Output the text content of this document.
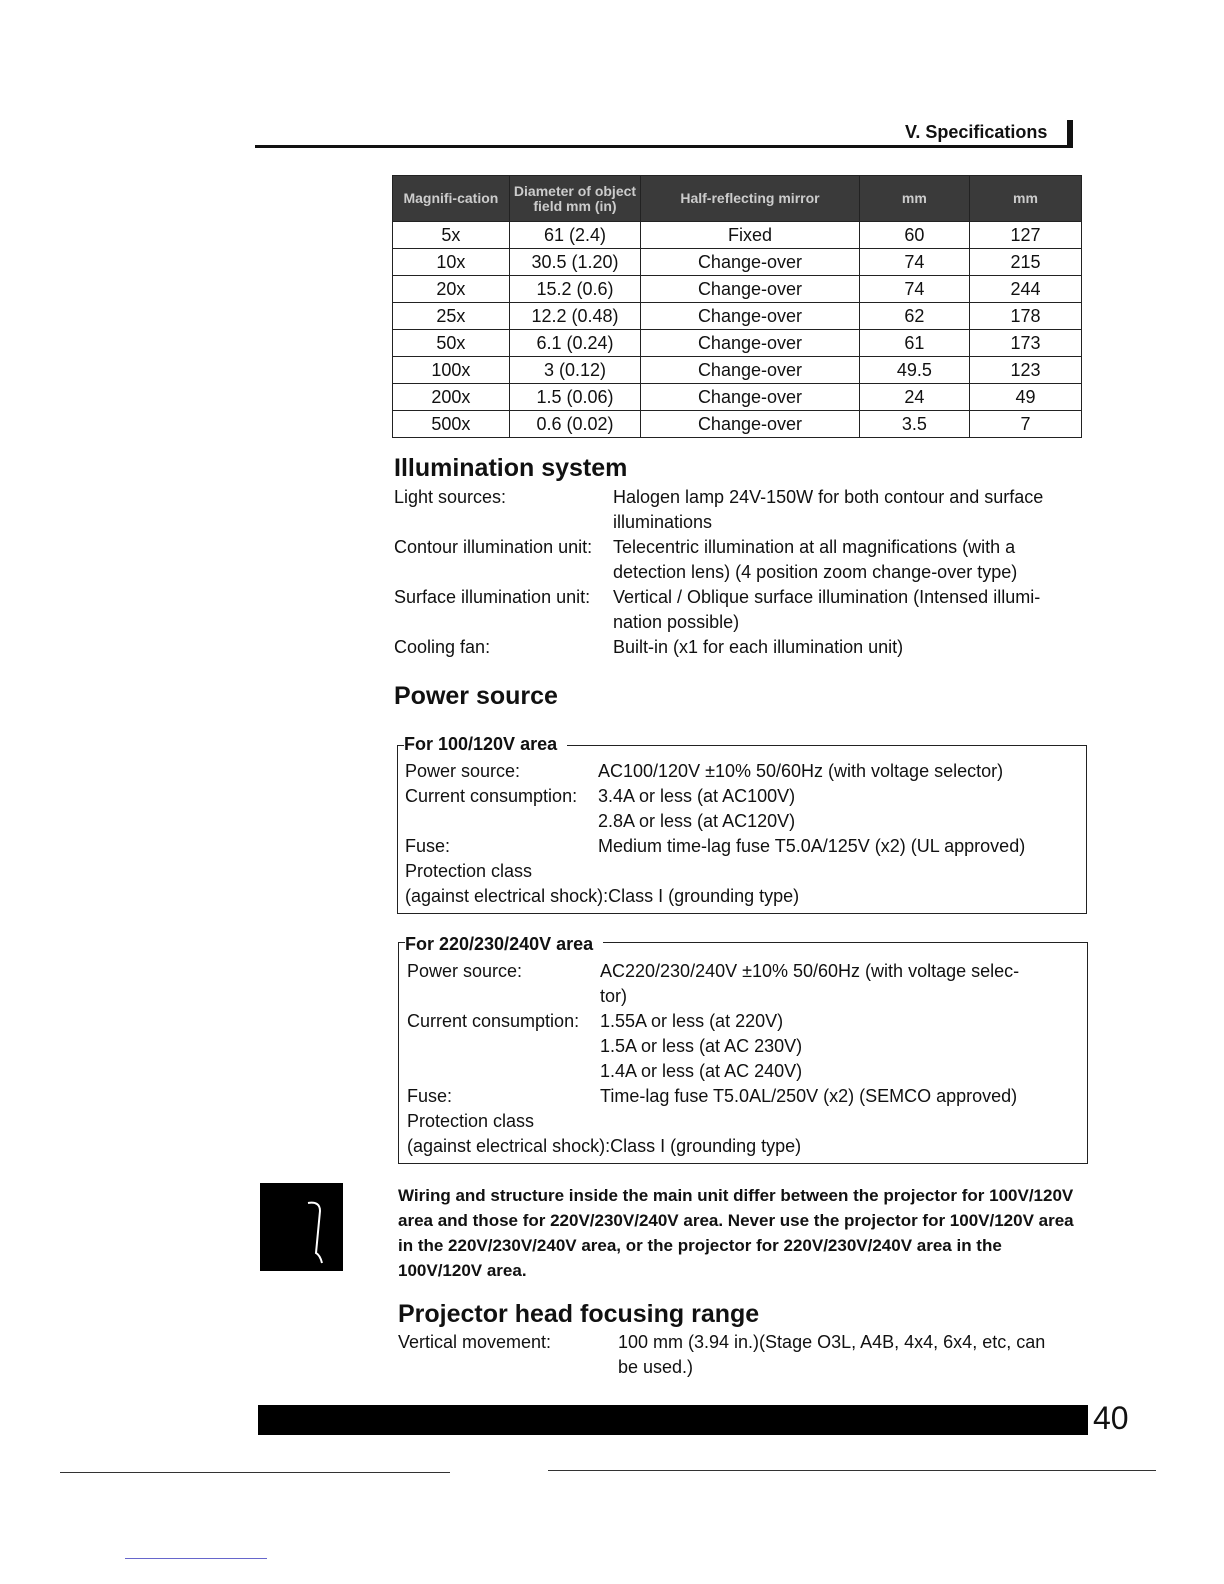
V. Specifications
Magnifi-cation	Diameter of object field mm (in)	Half-reflecting mirror	mm	mm
5x	61 (2.4)	Fixed	60	127
10x	30.5 (1.20)	Change-over	74	215
20x	15.2 (0.6)	Change-over	74	244
25x	12.2 (0.48)	Change-over	62	178
50x	6.1 (0.24)	Change-over	61	173
100x	3 (0.12)	Change-over	49.5	123
200x	1.5 (0.06)	Change-over	24	49
500x	0.6 (0.02)	Change-over	3.5	7
Illumination system
Light sources:	Halogen lamp 24V-150W for both contour and surface
illuminations
Contour illumination unit: Telecentric illumination at all magnifications (with a
detection lens) (4 position zoom change-over type)
Surface illumination unit: Vertical / Oblique surface illumination (Intensed illumi-
nation possible)
Cooling fan:	Built-in (x1 for each illumination unit)
Power source
For 100/120V area
Power source:	AC100/120V ±10% 50/60Hz (with voltage selector)
Current consumption: 3.4A or less (at AC100V)
2.8A or less (at AC120V)
Fuse:	Medium time-lag fuse T5.0A/125V (x2) (UL approved)
Protection class
(against electrical shock):Class I (grounding type)
For 220/230/240V area
Power source:	AC220/230/240V ±10% 50/60Hz (with voltage selec-
tor)
Current consumption: 1.55A or less (at 220V)
1.5A or less (at AC 230V)
1.4A or less (at AC 240V)
Fuse:	Time-lag fuse T5.0AL/250V (x2) (SEMCO approved)
Protection class
(against electrical shock):Class I (grounding type)
Wiring and structure inside the main unit differ between the projector for 100V/120V area and those for 220V/230V/240V area. Never use the projector for 100V/120V area in the 220V/230V/240V area, or the projector for 220V/230V/240V area in the 100V/120V area.
Projector head focusing range
Vertical movement:	100 mm (3.94 in.)(Stage O3L, A4B, 4x4, 6x4, etc, can
be used.)
40
